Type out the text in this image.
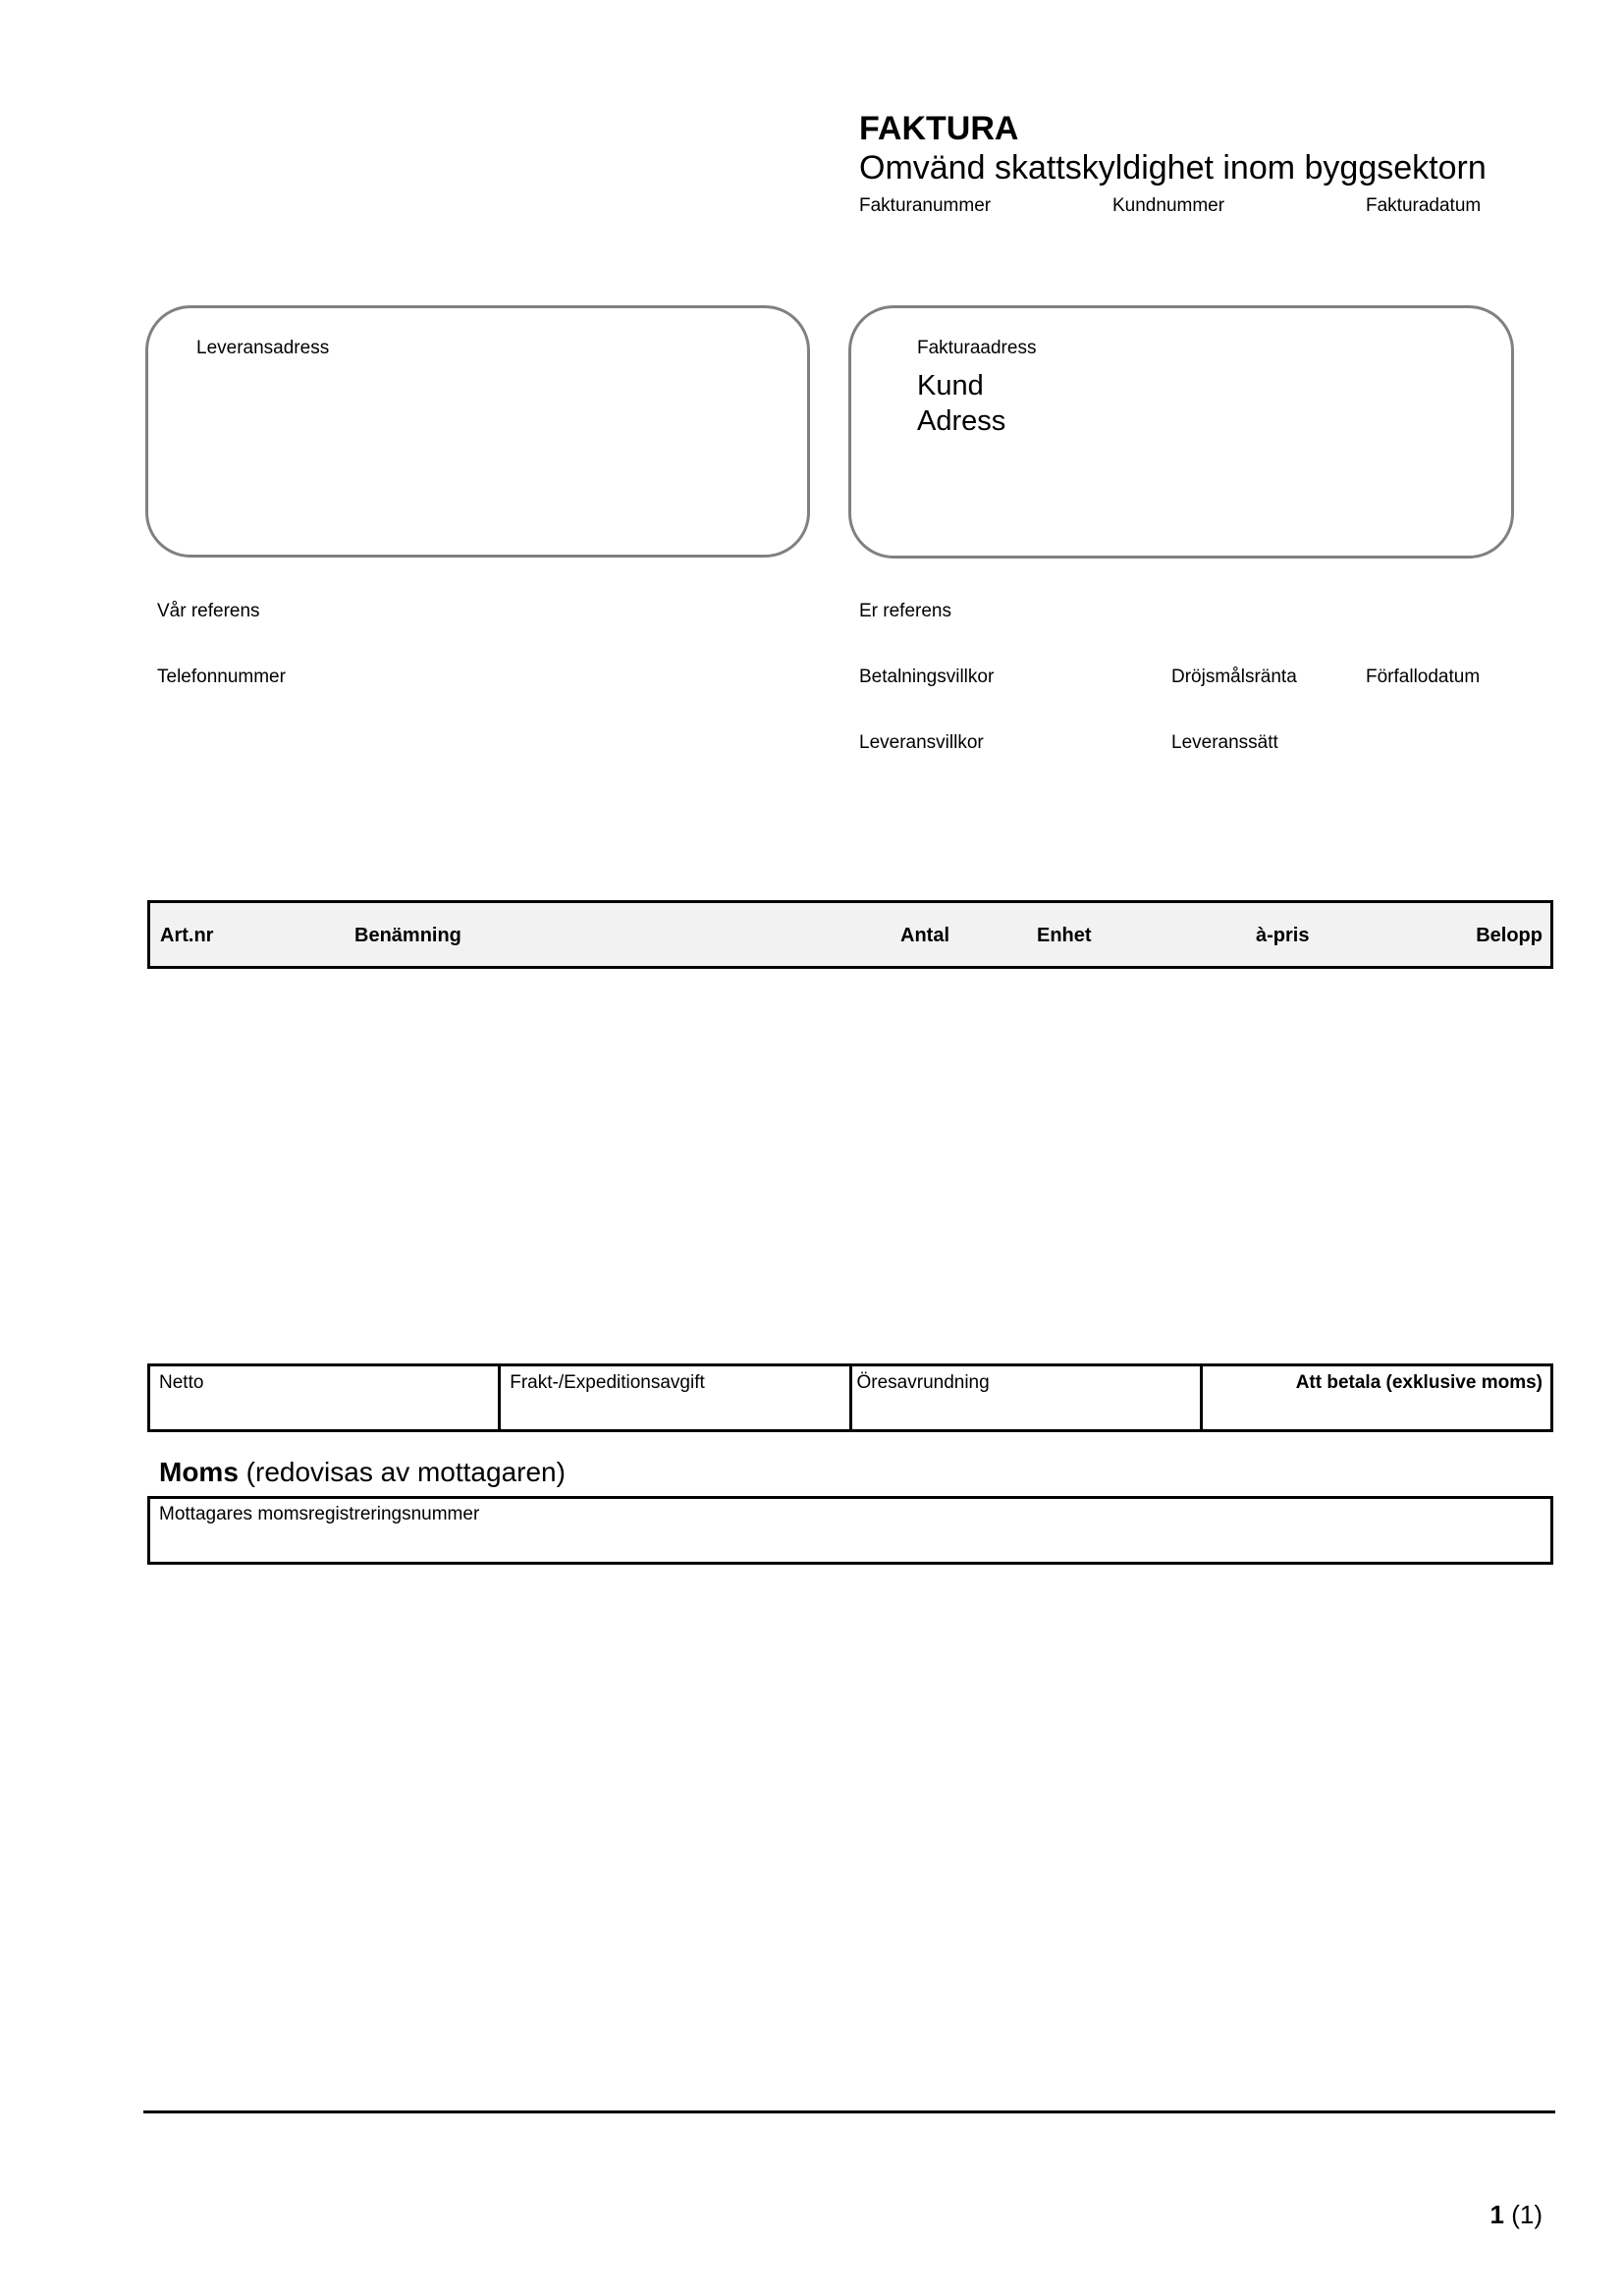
FAKTURA
Omvänd skattskyldighet inom byggsektorn
Fakturanummer	Kundnummer	Fakturadatum
Leveransadress	Fakturaadress
Kund
Adress
Vår referens	Er referens
Telefonnummer	Betalningsvillkor	Dröjsmålsränta	Förfallodatum
Leveransvillkor	Leveranssätt
Art.nr	Benämning	Antal	Enhet	à-pris	Belopp
Netto	Frakt-/Expeditionsavgift	Öresavrundning	Att betala (exklusive moms)
Moms (redovisas av mottagaren)
Mottagares momsregistreringsnummer
1 (1)
